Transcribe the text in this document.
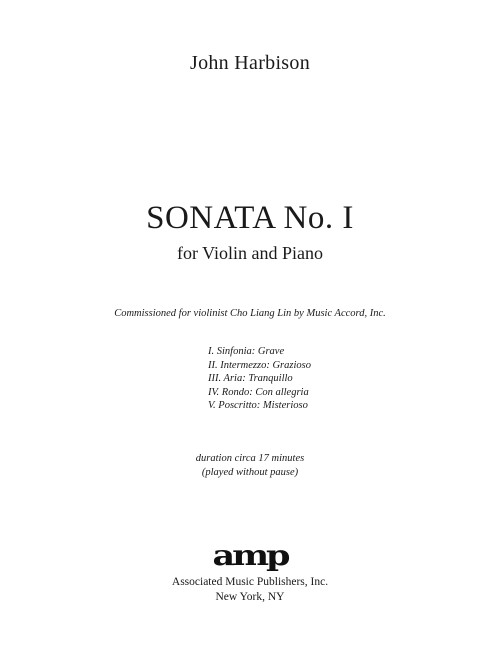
John Harbison
SONATA No. I
for Violin and Piano
Commissioned for violinist Cho Liang Lin by Music Accord, Inc.
I. Sinfonia: Grave
II. Intermezzo: Grazioso
III. Aria: Tranquillo
IV. Rondo: Con allegria
V. Poscritto: Misterioso
duration circa 17 minutes
(played without pause)
amp
Associated Music Publishers, Inc.
New York, NY
